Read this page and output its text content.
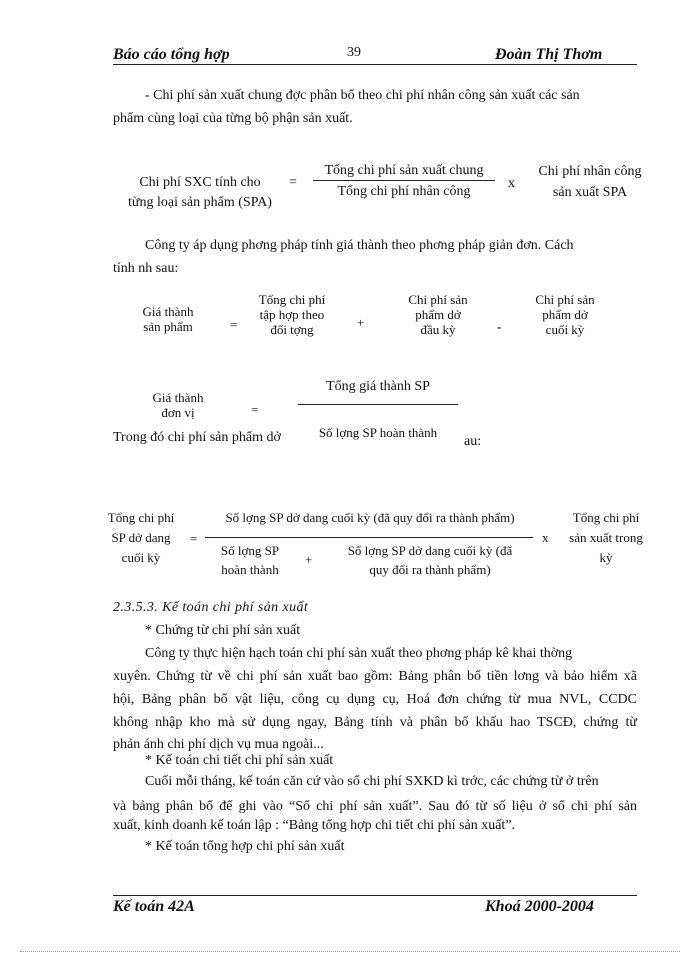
Báo cáo tổng hợp	39	Đoàn Thị Thơm
- Chi phí sản xuất chung đợc phân bổ theo chi phí nhân công sản xuất các sản
phẩm cùng loại của từng bộ phận sản xuất.
Chi phí SXC tính cho
từng loại sản phẩm (SPA)
=
Tổng chi phí sản xuất chung
Tổng chi phí nhân công
x
Chi phí nhân công
sản xuất SPA
Công ty áp dụng phơng pháp tính giá thành theo phơng pháp giản đơn. Cách
tính nh sau:
Giá thành
sản phẩm	=
Tổng chi phí
tập hợp theo
đối tợng	+
Chi phí sản
phẩm dở
đầu kỳ	-
Chi phí sản
phẩm dở
cuối kỳ
Giá thành
đơn vị	=
Tổng giá thành SP
Trong đó chi phí sản phẩm dở	Số lợng SP hoàn thành
au:
Tổng chi phí
SP dở dang
cuối kỳ
=
Số lợng SP dở dang cuối kỳ (đã quy đổi ra thành phẩm)
Số lợng SP
hoàn thành
+
Số lợng SP dở dang cuối kỳ (đã
quy đổi ra thành phẩm)
x
Tổng chi phí
sản xuất trong
kỳ
2.3.5.3. Kế toán chi phí sản xuất
* Chứng từ chi phí sản xuất
Công ty thực hiện hạch toán chi phí sản xuất theo phơng pháp kê khai thờng
xuyên. Chứng từ về chi phí sản xuất bao gồm: Bảng phân bổ tiền lơng và bảo hiểm xã
hội, Bảng phân bổ vật liệu, công cụ dụng cụ, Hoá đơn chứng từ mua NVL, CCDC
không nhập kho mà sử dụng ngay, Bảng tính và phân bổ khấu hao TSCĐ, chứng từ
phản ánh chi phí dịch vụ mua ngoài...
* Kế toán chi tiết chi phí sản xuất
Cuối mỗi tháng, kế toán căn cứ vào sổ chi phí SXKD kì trớc, các chứng từ ở trên
và bảng phân bổ để ghi vào “Sổ chi phí sản xuất”. Sau đó từ số liệu ở sổ chi phí sản
xuất, kinh doanh kế toán lập : “Bảng tổng hợp chi tiết chi phí sản xuất”.
* Kế toán tổng hợp chi phí sản xuất
Kế toán 42A	Khoá 2000-2004
